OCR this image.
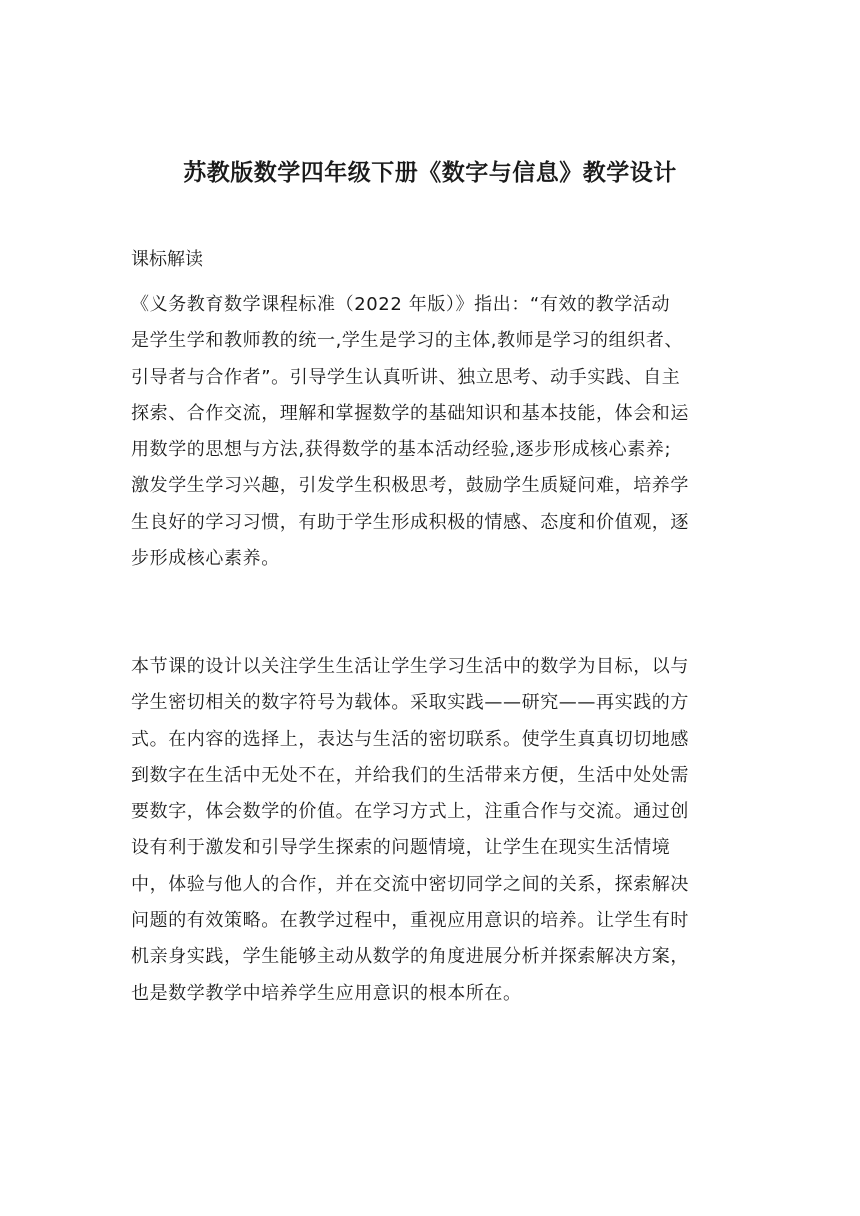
苏教版数学四年级下册《数字与信息》教学设计

课标解读

《义务教育数学课程标准（2022 年版）》指出：“有效的教学活动
是学生学和教师教的统一,学生是学习的主体,教师是学习的组织者、
引导者与合作者”。引导学生认真听讲、独立思考、动手实践、自主
探索、合作交流，理解和掌握数学的基础知识和基本技能，体会和运
用数学的思想与方法,获得数学的基本活动经验,逐步形成核心素养;
激发学生学习兴趣，引发学生积极思考，鼓励学生质疑问难，培养学
生良好的学习习惯，有助于学生形成积极的情感、态度和价值观，逐
步形成核心素养。
本节课的设计以关注学生生活让学生学习生活中的数学为目标，以与
学生密切相关的数字符号为载体。采取实践——研究——再实践的方
式。在内容的选择上，表达与生活的密切联系。使学生真真切切地感
到数字在生活中无处不在，并给我们的生活带来方便，生活中处处需
要数字，体会数学的价值。在学习方式上，注重合作与交流。通过创
设有利于激发和引导学生探索的问题情境，让学生在现实生活情境
中，体验与他人的合作，并在交流中密切同学之间的关系，探索解决
问题的有效策略。在教学过程中，重视应用意识的培养。让学生有时
机亲身实践，学生能够主动从数学的角度进展分析并探索解决方案，
也是数学教学中培养学生应用意识的根本所在。
